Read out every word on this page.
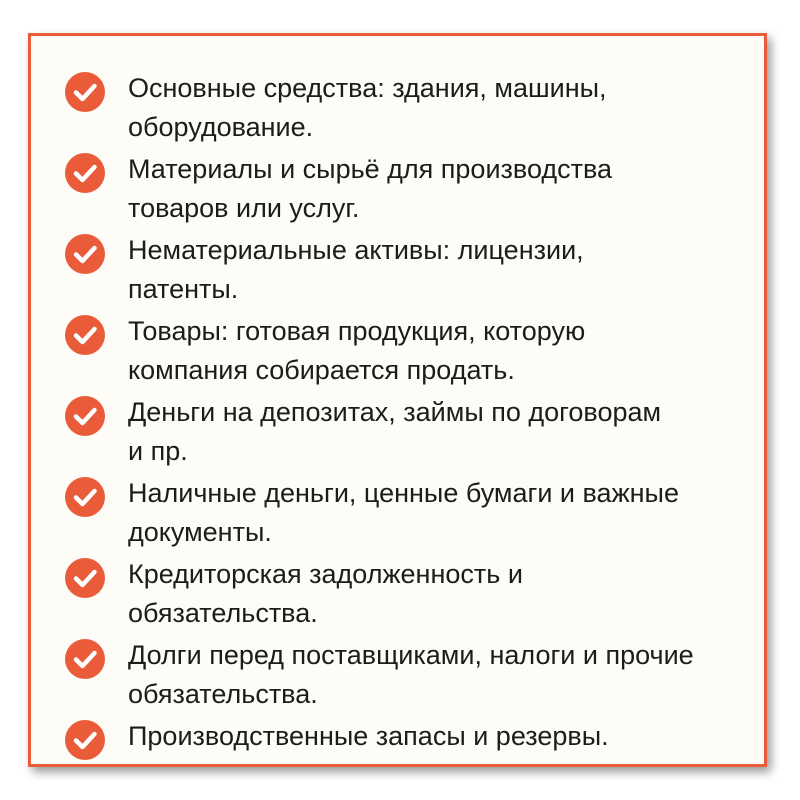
Основные средства: здания, машины,
оборудование.

Материалы и сырьё для производства
товаров или услуг.

Нематериальные активы: лицензии,
патенты.

Товары: готовая продукция, которую
компания собирается продать.

Деньги на депозитах, займы по договорам
и пр.

Наличные деньги, ценные бумаги и важные
документы.

Кредиторская задолженность и
обязательства.

Долги перед поставщиками, налоги и прочие
обязательства.

Производственные запасы и резервы.
